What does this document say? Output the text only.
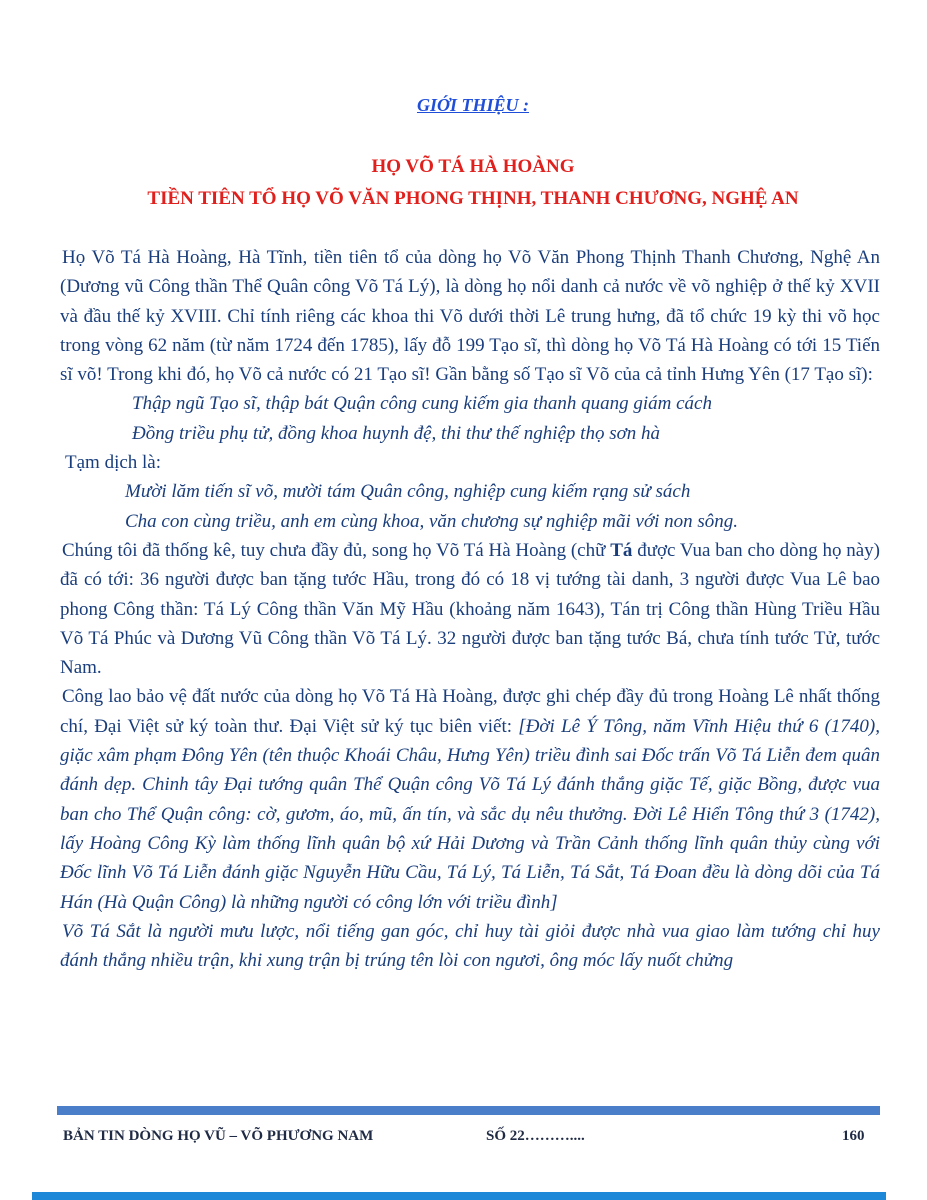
GIỚI THIỆU :
HỌ VÕ TÁ HÀ HOÀNG
TIỀN TIÊN TỔ HỌ VÕ VĂN PHONG THỊNH, THANH CHƯƠNG, NGHỆ AN

Họ Võ Tá Hà Hoàng, Hà Tĩnh, tiền tiên tổ của dòng họ Võ Văn Phong Thịnh Thanh Chương, Nghệ An (Dương vũ Công thần Thể Quân công Võ Tá Lý), là dòng họ nổi danh cả nước về võ nghiệp ở thế kỷ XVII và đầu thế kỷ XVIII. Chỉ tính riêng các khoa thi Võ dưới thời Lê trung hưng, đã tổ chức 19 kỳ thi võ học trong vòng 62 năm (từ năm 1724 đến 1785), lấy đỗ 199 Tạo sĩ, thì dòng họ Võ Tá Hà Hoàng có tới 15 Tiến sĩ võ! Trong khi đó, họ Võ cả nước có 21 Tạo sĩ! Gần bằng số Tạo sĩ Võ của cả tỉnh Hưng Yên (17 Tạo sĩ):

Thập ngũ Tạo sĩ, thập bát Quận công cung kiếm gia thanh quang giám cách

Đồng triều phụ tử, đồng khoa huynh đệ, thi thư thế nghiệp thọ sơn hà

Tạm dịch là:

Mười lăm tiến sĩ võ, mười tám Quân công, nghiệp cung kiếm rạng sử sách

Cha con cùng triều, anh em cùng khoa, văn chương sự nghiệp mãi với non sông.

Chúng tôi đã thống kê, tuy chưa đầy đủ, song họ Võ Tá Hà Hoàng (chữ Tá được Vua ban cho dòng họ này) đã có tới: 36 người được ban tặng tước Hầu, trong đó có 18 vị tướng tài danh, 3 người được Vua Lê bao phong Công thần: Tá Lý Công thần Văn Mỹ Hầu (khoảng năm 1643), Tán trị Công thần Hùng Triều Hầu Võ Tá Phúc và Dương Vũ Công thần Võ Tá Lý. 32 người được ban tặng tước Bá, chưa tính tước Tử, tước Nam.

Công lao bảo vệ đất nước của dòng họ Võ Tá Hà Hoàng, được ghi chép đầy đủ trong Hoàng Lê nhất thống chí, Đại Việt sử ký toàn thư. Đại Việt sử ký tục biên viết: [Đời Lê Ý Tông, năm Vĩnh Hiệu thứ 6 (1740), giặc xâm phạm Đông Yên (tên thuộc Khoái Châu, Hưng Yên) triều đình sai Đốc trấn Võ Tá Liễn đem quân đánh dẹp. Chinh tây Đại tướng quân Thể Quận công Võ Tá Lý đánh thắng giặc Tế, giặc Bồng, được vua ban cho Thể Quận công: cờ, gươm, áo, mũ, ấn tín, và sắc dụ nêu thưởng. Đời Lê Hiển Tông thứ 3 (1742), lấy Hoàng Công Kỳ làm thống lĩnh quân bộ xứ Hải Dương và Trần Cảnh thống lĩnh quân thủy cùng với Đốc lĩnh Võ Tá Liễn đánh giặc Nguyễn Hữu Cầu, Tá Lý, Tá Liễn, Tá Sắt, Tá Đoan đều là dòng dõi của Tá Hán (Hà Quận Công) là những người có công lớn với triều đình]

Võ Tá Sắt là người mưu lược, nổi tiếng gan góc, chỉ huy tài giỏi được nhà vua giao làm tướng chỉ huy đánh thắng nhiều trận, khi xung trận bị trúng tên lòi con ngươi, ông móc lấy nuốt chửng

BẢN TIN DÒNG HỌ VŨ – VÕ PHƯƠNG NAM	SỐ 22………....	160
